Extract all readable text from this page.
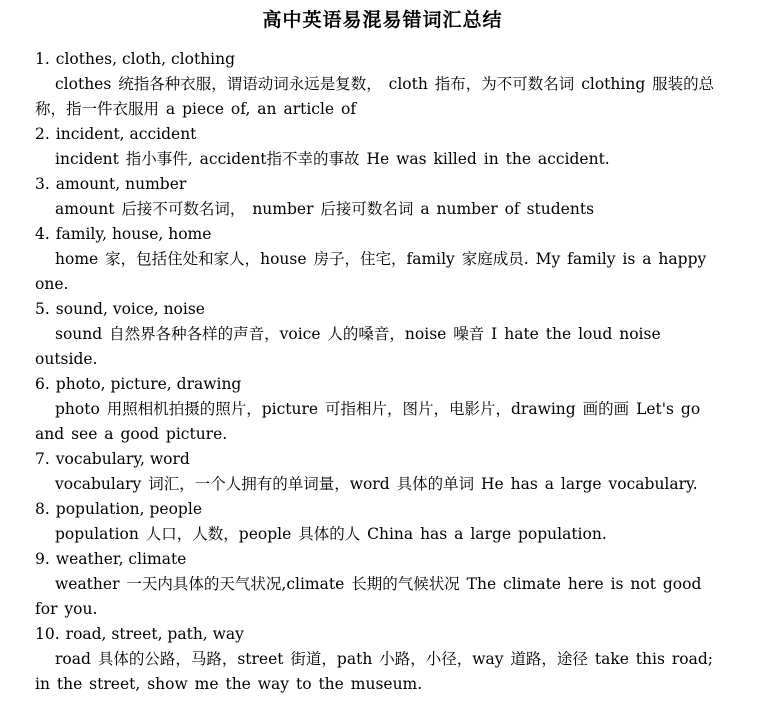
高中英语易混易错词汇总结
1. clothes, cloth, clothing
clothes 统指各种衣服，谓语动词永远是复数， cloth 指布，为不可数名词 clothing 服装的总称，指一件衣服用 a piece of, an article of
2. incident, accident
incident 指小事件, accident指不幸的事故 He was killed in the accident.
3. amount, number
amount 后接不可数名词， number 后接可数名词 a number of students
4. family, house, home
home 家，包括住处和家人，house 房子，住宅，family 家庭成员. My family is a happy one.
5. sound, voice, noise
sound 自然界各种各样的声音，voice 人的嗓音，noise 噪音 I hate the loud noise outside.
6. photo, picture, drawing
photo 用照相机拍摄的照片，picture 可指相片，图片，电影片，drawing 画的画 Let's go and see a good picture.
7. vocabulary, word
vocabulary 词汇，一个人拥有的单词量，word 具体的单词 He has a large vocabulary.
8. population, people
population 人口，人数，people 具体的人 China has a large population.
9. weather, climate
weather 一天内具体的天气状况,climate 长期的气候状况 The climate here is not good for you.
10. road, street, path, way
road 具体的公路，马路，street 街道，path 小路，小径，way 道路，途径 take this road; in the street, show me the way to the museum.
